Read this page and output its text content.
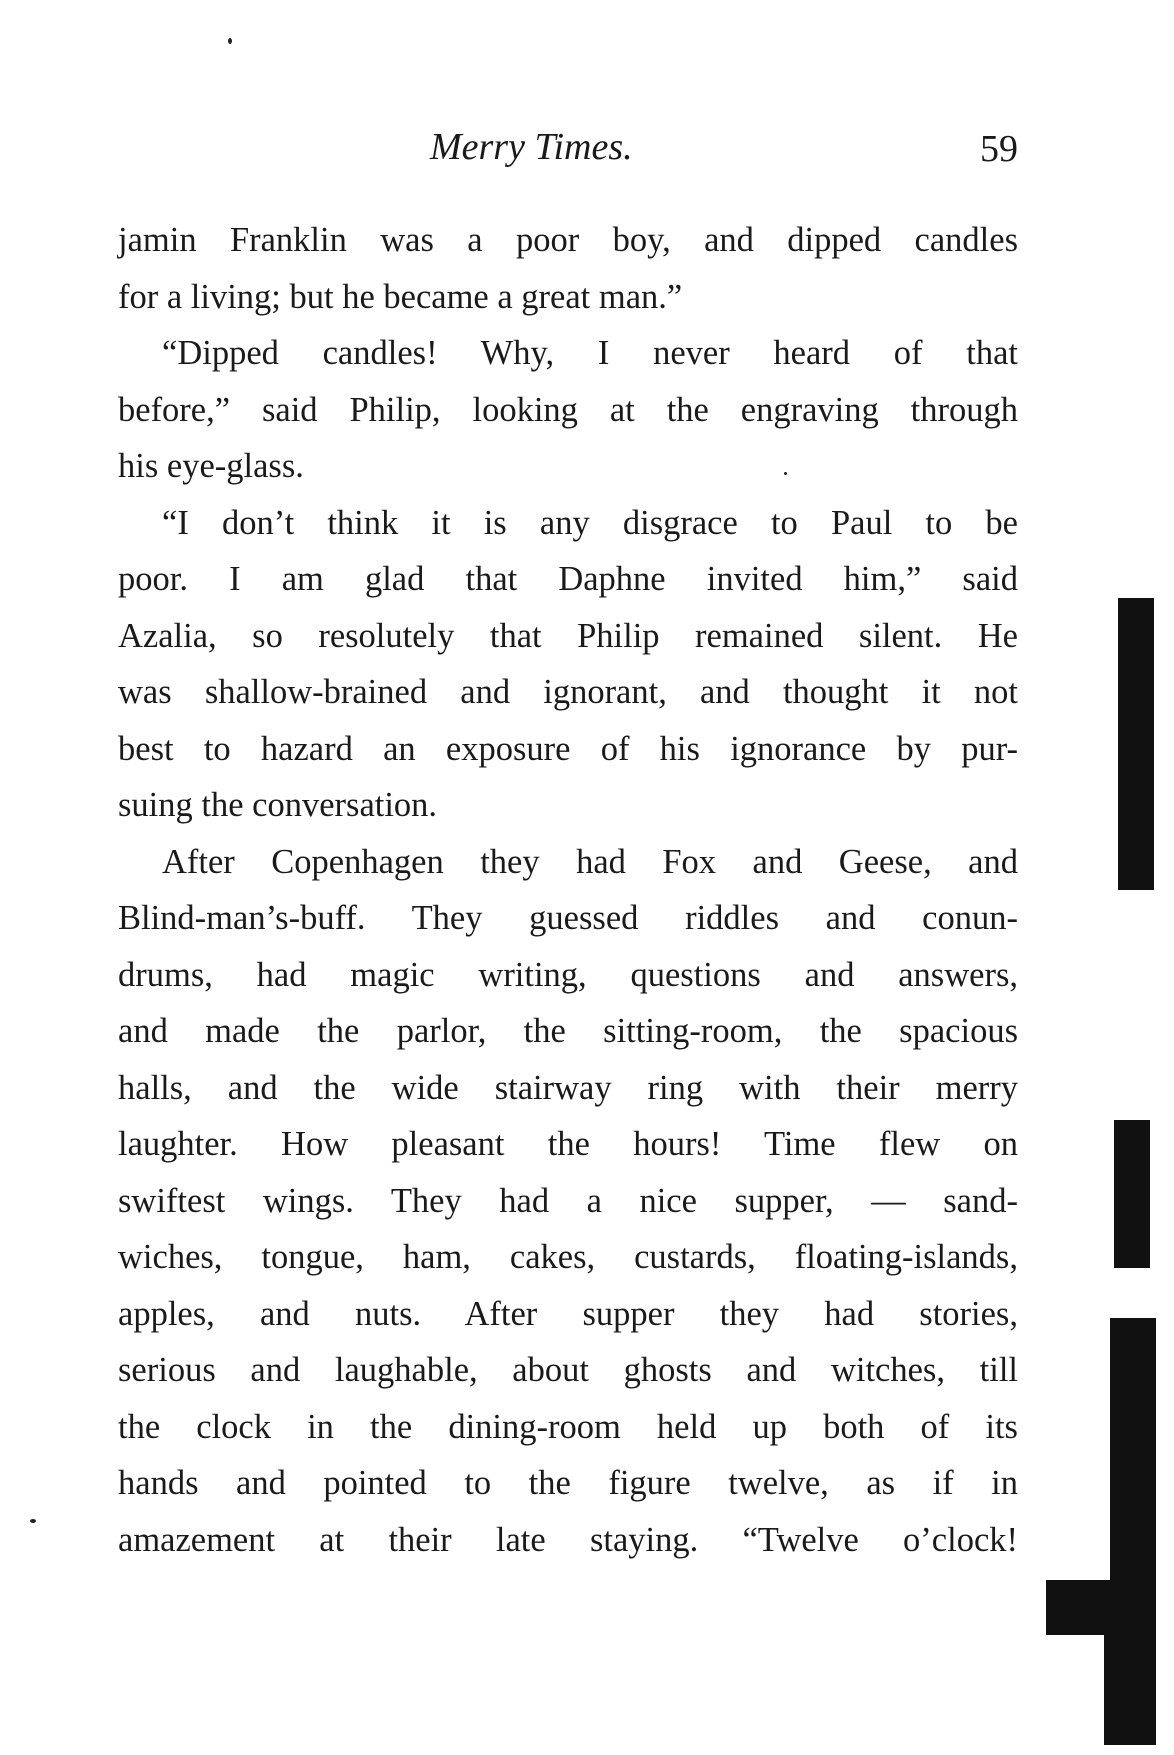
Merry Times.	59
jamin Franklin was a poor boy, and dipped candles
for a living; but he became a great man.”
“Dipped candles! Why, I never heard of that
before,” said Philip, looking at the engraving through
his eye-glass.
“I don’t think it is any disgrace to Paul to be
poor. I am glad that Daphne invited him,” said
Azalia, so resolutely that Philip remained silent. He
was shallow-brained and ignorant, and thought it not
best to hazard an exposure of his ignorance by pur-
suing the conversation.
After Copenhagen they had Fox and Geese, and
Blind-man’s-buff. They guessed riddles and conun-
drums, had magic writing, questions and answers,
and made the parlor, the sitting-room, the spacious
halls, and the wide stairway ring with their merry
laughter. How pleasant the hours! Time flew on
swiftest wings. They had a nice supper, — sand-
wiches, tongue, ham, cakes, custards, floating-islands,
apples, and nuts. After supper they had stories,
serious and laughable, about ghosts and witches, till
the clock in the dining-room held up both of its
hands and pointed to the figure twelve, as if in
amazement at their late staying. “Twelve o’clock!
